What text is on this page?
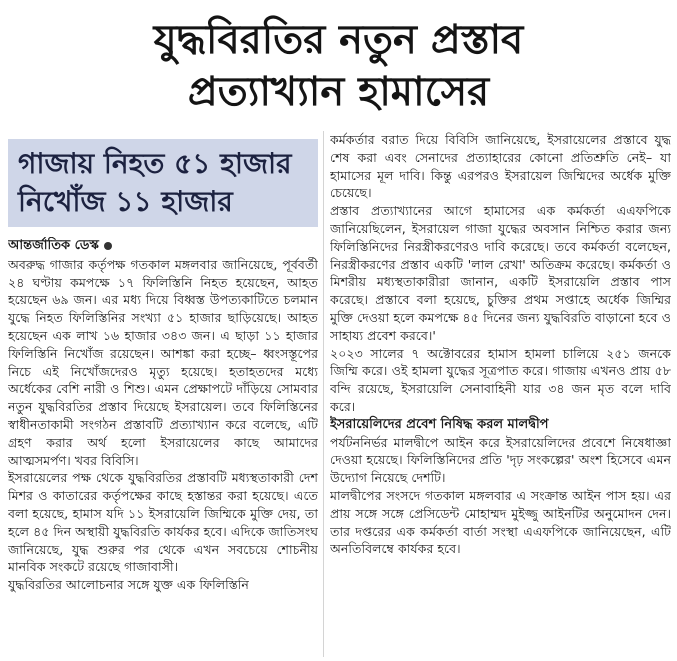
যুদ্ধবিরতির নতুন প্রস্তাব
প্রত্যাখ্যান হামাসের
গাজায় নিহত ৫১ হাজার
নিখোঁজ ১১ হাজার
আন্তর্জাতিক ডেস্ক

অবরুদ্ধ গাজার কর্তৃপক্ষ গতকাল মঙ্গলবার জানিয়েছে, পূর্ববর্তী ২৪ ঘণ্টায় কমপক্ষে ১৭ ফিলিস্তিনি নিহত হয়েছেন, আহত হয়েছেন ৬৯ জন। এর মধ্য দিয়ে বিধ্বস্ত উপত্যকাটিতে চলমান যুদ্ধে নিহত ফিলিস্তিনির সংখ্যা ৫১ হাজার ছাড়িয়েছে। আহত হয়েছেন এক লাখ ১৬ হাজার ৩৪৩ জন। এ ছাড়া ১১ হাজার ফিলিস্তিনি নিখোঁজ রয়েছেন। আশঙ্কা করা হচ্ছে– ধ্বংসস্তূপের নিচে এই নিখোঁজদেরও মৃত্যু হয়েছে। হতাহতদের মধ্যে অর্ধেকের বেশি নারী ও শিশু। এমন প্রেক্ষাপটে দাঁড়িয়ে সোমবার নতুন যুদ্ধবিরতির প্রস্তাব দিয়েছে ইসরায়েল। তবে ফিলিস্তিনের স্বাধীনতাকামী সংগঠন প্রস্তাবটি প্রত্যাখ্যান করে বলেছে, এটি গ্রহণ করার অর্থ হলো ইসরায়েলের কাছে আমাদের আত্মসমর্পণ। খবর বিবিসি।

ইসরায়েলের পক্ষ থেকে যুদ্ধবিরতির প্রস্তাবটি মধ্যস্থতাকারী দেশ মিশর ও কাতারের কর্তৃপক্ষের কাছে হস্তান্তর করা হয়েছে। এতে বলা হয়েছে, হামাস যদি ১১ ইসরায়েলি জিম্মিকে মুক্তি দেয়, তা হলে ৪৫ দিন অস্থায়ী যুদ্ধবিরতি কার্যকর হবে। এদিকে জাতিসংঘ জানিয়েছে, যুদ্ধ শুরুর পর থেকে এখন সবচেয়ে শোচনীয় মানবিক সংকটে রয়েছে গাজাবাসী।

যুদ্ধবিরতির আলোচনার সঙ্গে যুক্ত এক ফিলিস্তিনি

কর্মকর্তার বরাত দিয়ে বিবিসি জানিয়েছে, ইসরায়েলের প্রস্তাবে যুদ্ধ শেষ করা এবং সেনাদের প্রত্যাহারের কোনো প্রতিশ্রুতি নেই– যা হামাসের মূল দাবি। কিন্তু এরপরও ইসরায়েল জিম্মিদের অর্ধেক মুক্তি চেয়েছে।

প্রস্তাব প্রত্যাখ্যানের আগে হামাসের এক কর্মকর্তা এএফপিকে জানিয়েছিলেন, ইসরায়েল গাজা যুদ্ধের অবসান নিশ্চিত করার জন্য ফিলিস্তিনিদের নিরস্ত্রীকরণেরও দাবি করেছে। তবে কর্মকর্তা বলেছেন, নিরস্ত্রীকরণের প্রস্তাব একটি 'লাল রেখা' অতিক্রম করেছে। কর্মকর্তা ও মিশরীয় মধ্যস্থতাকারীরা জানান, একটি ইসরায়েলি প্রস্তাব পাস করেছে। প্রস্তাবে বলা হয়েছে, চুক্তির প্রথম সপ্তাহে অর্ধেক জিম্মির মুক্তি দেওয়া হলে কমপক্ষে ৪৫ দিনের জন্য যুদ্ধবিরতি বাড়ানো হবে ও সাহায্য প্রবেশ করবে।'

২০২৩ সালের ৭ অক্টোবরের হামাস হামলা চালিয়ে ২৫১ জনকে জিম্মি করে। ওই হামলা যুদ্ধের সূত্রপাত করে। গাজায় এখনও প্রায় ৫৮ বন্দি রয়েছে, ইসরায়েলি সেনাবাহিনী যার ৩৪ জন মৃত বলে দাবি করে।

ইসরায়েলিদের প্রবেশ নিষিদ্ধ করল মালদ্বীপ

পর্যটননির্ভর মালদ্বীপে আইন করে ইসরায়েলিদের প্রবেশে নিষেধাজ্ঞা দেওয়া হয়েছে। ফিলিস্তিনিদের প্রতি 'দৃঢ় সংকল্পের' অংশ হিসেবে এমন উদ্যোগ নিয়েছে দেশটি।

মালদ্বীপের সংসদে গতকাল মঙ্গলবার এ সংক্রান্ত আইন পাস হয়। এর প্রায় সঙ্গে সঙ্গে প্রেসিডেন্ট মোহাম্মদ মুইজ্জু আইনটির অনুমোদন দেন। তার দপ্তরের এক কর্মকর্তা বার্তা সংস্থা এএফপিকে জানিয়েছেন, এটি অনতিবিলম্বে কার্যকর হবে।
